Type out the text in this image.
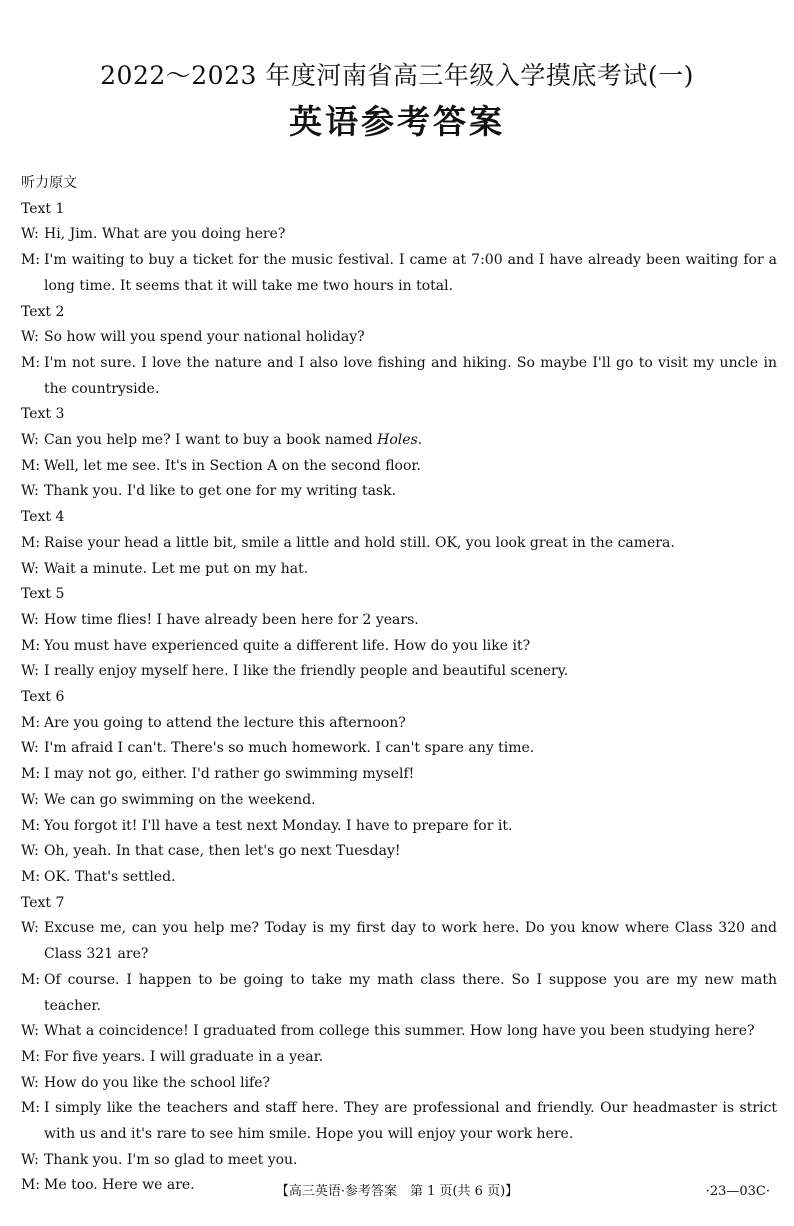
2022～2023 年度河南省高三年级入学摸底考试(一)
英语参考答案
听力原文
Text 1
W: Hi, Jim. What are you doing here?
M: I'm waiting to buy a ticket for the music festival. I came at 7:00 and I have already been waiting for a long time. It seems that it will take me two hours in total.
Text 2
W: So how will you spend your national holiday?
M: I'm not sure. I love the nature and I also love fishing and hiking. So maybe I'll go to visit my uncle in the countryside.
Text 3
W: Can you help me? I want to buy a book named Holes.
M: Well, let me see. It's in Section A on the second floor.
W: Thank you. I'd like to get one for my writing task.
Text 4
M: Raise your head a little bit, smile a little and hold still. OK, you look great in the camera.
W: Wait a minute. Let me put on my hat.
Text 5
W: How time flies! I have already been here for 2 years.
M: You must have experienced quite a different life. How do you like it?
W: I really enjoy myself here. I like the friendly people and beautiful scenery.
Text 6
M: Are you going to attend the lecture this afternoon?
W: I'm afraid I can't. There's so much homework. I can't spare any time.
M: I may not go, either. I'd rather go swimming myself!
W: We can go swimming on the weekend.
M: You forgot it! I'll have a test next Monday. I have to prepare for it.
W: Oh, yeah. In that case, then let's go next Tuesday!
M: OK. That's settled.
Text 7
W: Excuse me, can you help me? Today is my first day to work here. Do you know where Class 320 and Class 321 are?
M: Of course. I happen to be going to take my math class there. So I suppose you are my new math teacher.
W: What a coincidence! I graduated from college this summer. How long have you been studying here?
M: For five years. I will graduate in a year.
W: How do you like the school life?
M: I simply like the teachers and staff here. They are professional and friendly. Our headmaster is strict with us and it's rare to see him smile. Hope you will enjoy your work here.
W: Thank you. I'm so glad to meet you.
M: Me too. Here we are.	【高三英语·参考答案　第 1 页(共 6 页)】	·23—03C·
